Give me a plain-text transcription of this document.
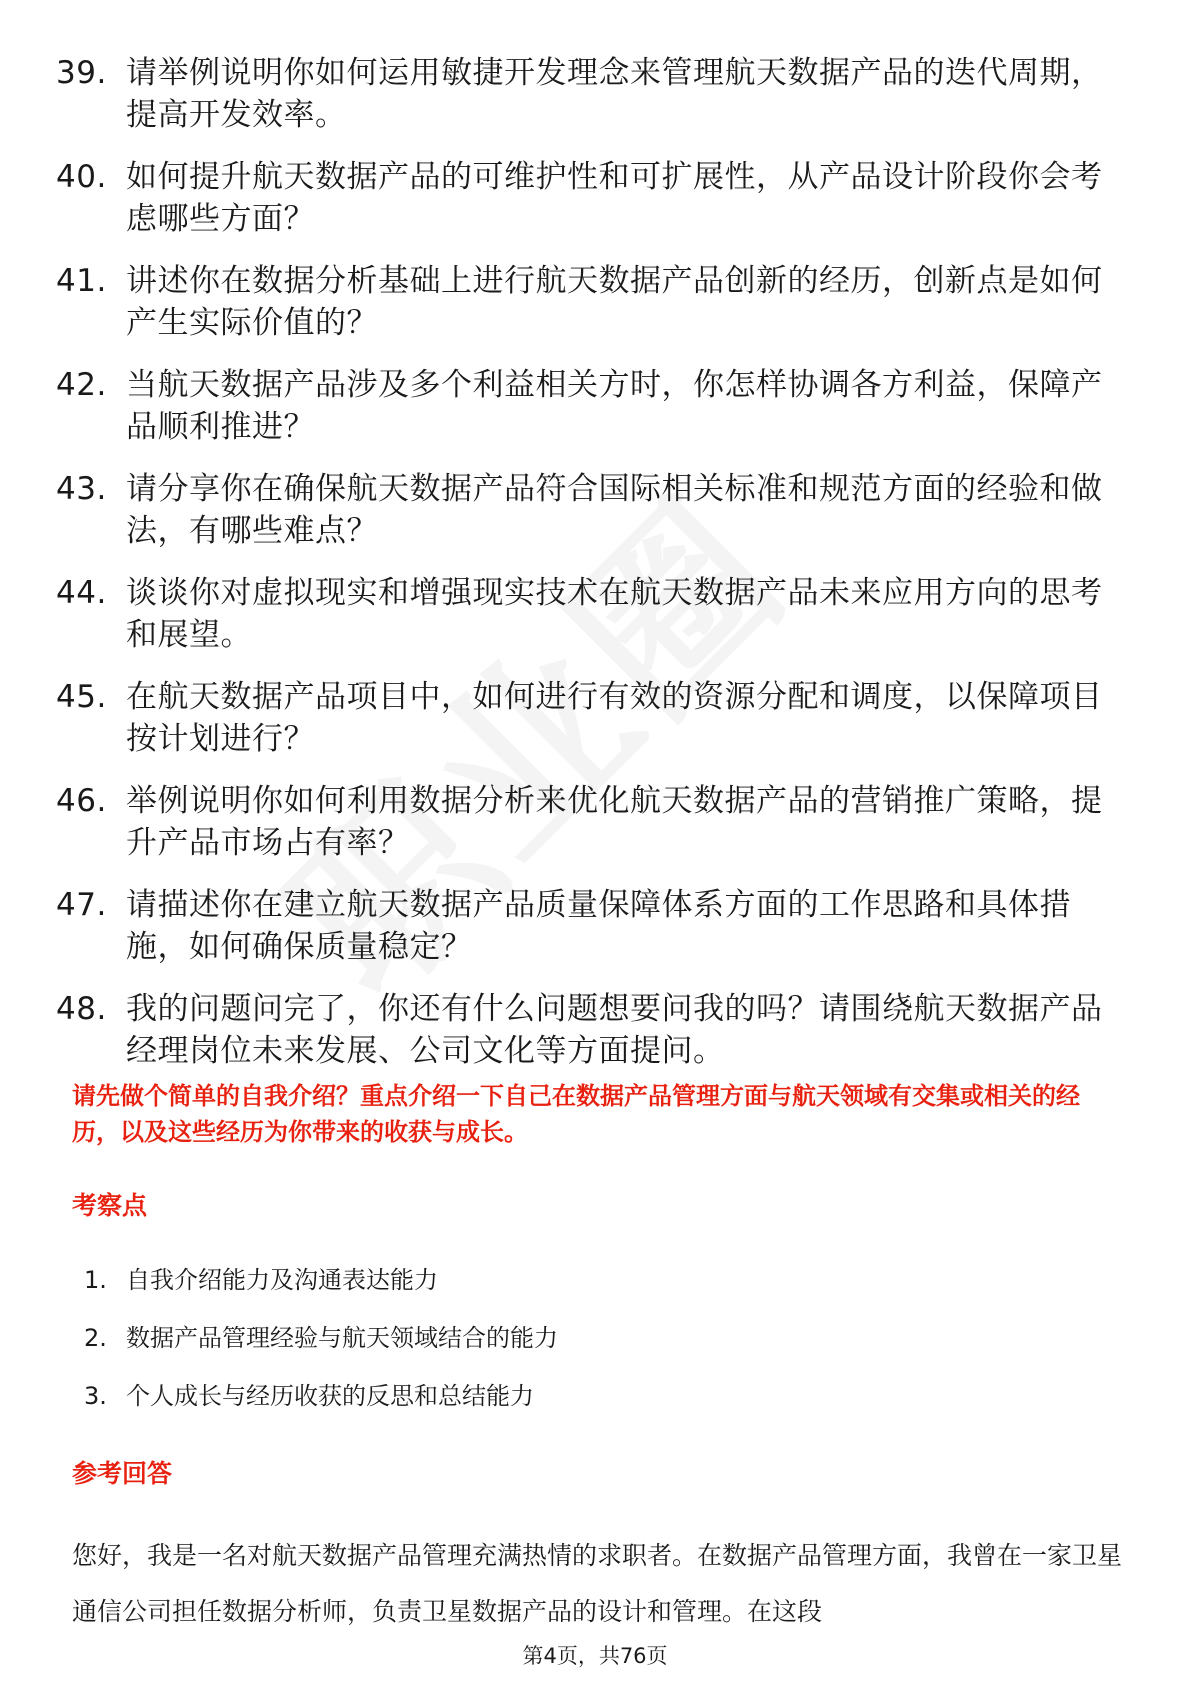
39. 请举例说明你如何运用敏捷开发理念来管理航天数据产品的迭代周期，提高开发效率。
40. 如何提升航天数据产品的可维护性和可扩展性，从产品设计阶段你会考虑哪些方面？
41. 讲述你在数据分析基础上进行航天数据产品创新的经历，创新点是如何产生实际价值的？
42. 当航天数据产品涉及多个利益相关方时，你怎样协调各方利益，保障产品顺利推进？
43. 请分享你在确保航天数据产品符合国际相关标准和规范方面的经验和做法，有哪些难点？
44. 谈谈你对虚拟现实和增强现实技术在航天数据产品未来应用方向的思考和展望。
45. 在航天数据产品项目中，如何进行有效的资源分配和调度，以保障项目按计划进行？
46. 举例说明你如何利用数据分析来优化航天数据产品的营销推广策略，提升产品市场占有率？
47. 请描述你在建立航天数据产品质量保障体系方面的工作思路和具体措施，如何确保质量稳定？
48. 我的问题问完了，你还有什么问题想要问我的吗？请围绕航天数据产品经理岗位未来发展、公司文化等方面提问。

请先做个简单的自我介绍？重点介绍一下自己在数据产品管理方面与航天领域有交集或相关的经历，以及这些经历为你带来的收获与成长。

考察点
1. 自我介绍能力及沟通表达能力
2. 数据产品管理经验与航天领域结合的能力
3. 个人成长与经历收获的反思和总结能力
参考回答

您好，我是一名对航天数据产品管理充满热情的求职者。在数据产品管理方面，我曾在一家卫星通信公司担任数据分析师，负责卫星数据产品的设计和管理。在这段

第4页，共76页
